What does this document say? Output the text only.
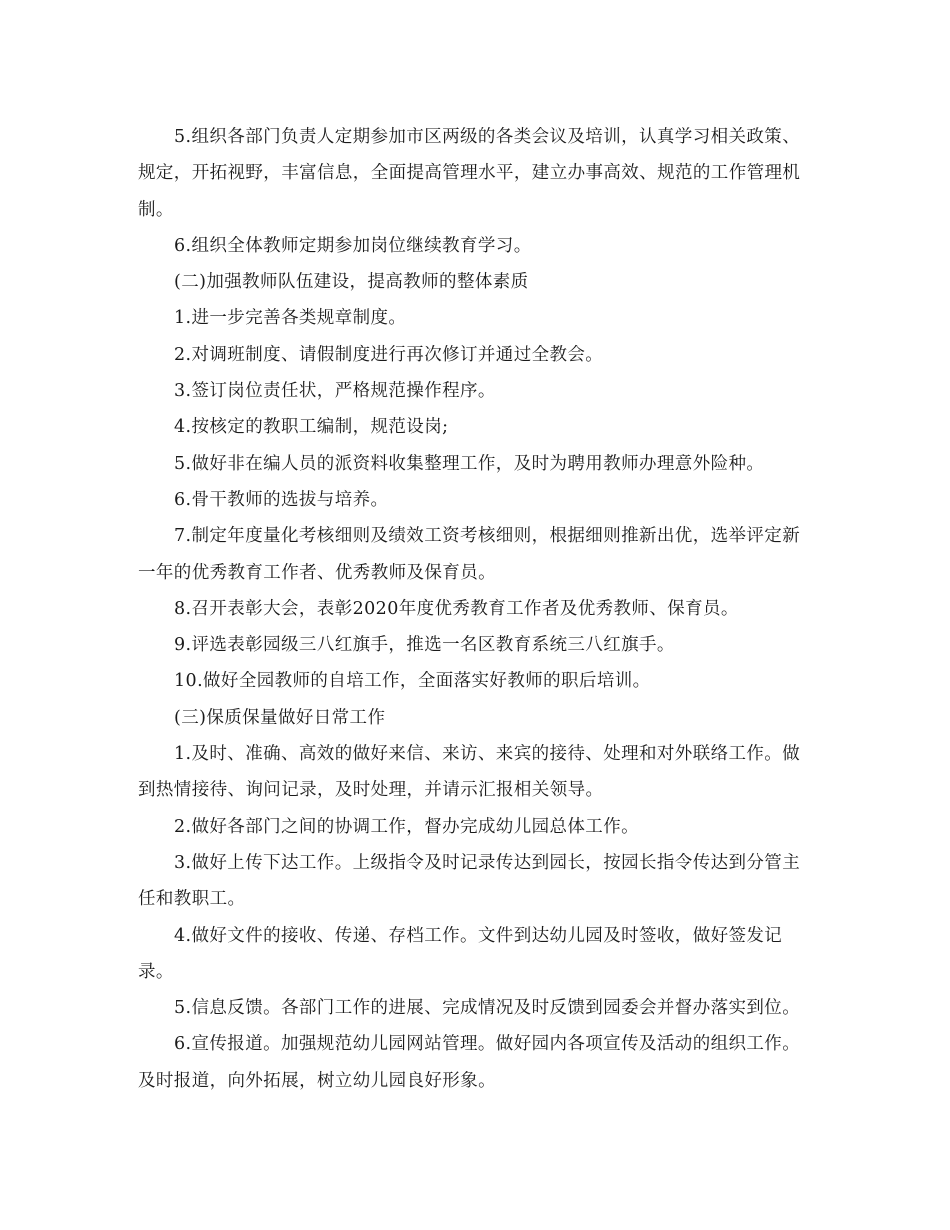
5.组织各部门负责人定期参加市区两级的各类会议及培训，认真学习相关政策、规定，开拓视野，丰富信息，全面提高管理水平，建立办事高效、规范的工作管理机制。

6.组织全体教师定期参加岗位继续教育学习。

(二)加强教师队伍建设，提高教师的整体素质

1.进一步完善各类规章制度。

2.对调班制度、请假制度进行再次修订并通过全教会。

3.签订岗位责任状，严格规范操作程序。

4.按核定的教职工编制，规范设岗;

5.做好非在编人员的派资料收集整理工作，及时为聘用教师办理意外险种。

6.骨干教师的选拔与培养。

7.制定年度量化考核细则及绩效工资考核细则，根据细则推新出优，选举评定新一年的优秀教育工作者、优秀教师及保育员。

8.召开表彰大会，表彰2020年度优秀教育工作者及优秀教师、保育员。

9.评选表彰园级三八红旗手，推选一名区教育系统三八红旗手。

10.做好全园教师的自培工作，全面落实好教师的职后培训。

(三)保质保量做好日常工作

1.及时、准确、高效的做好来信、来访、来宾的接待、处理和对外联络工作。做到热情接待、询问记录，及时处理，并请示汇报相关领导。

2.做好各部门之间的协调工作，督办完成幼儿园总体工作。

3.做好上传下达工作。上级指令及时记录传达到园长，按园长指令传达到分管主任和教职工。

4.做好文件的接收、传递、存档工作。文件到达幼儿园及时签收，做好签发记录。

5.信息反馈。各部门工作的进展、完成情况及时反馈到园委会并督办落实到位。

6.宣传报道。加强规范幼儿园网站管理。做好园内各项宣传及活动的组织工作。及时报道，向外拓展，树立幼儿园良好形象。
